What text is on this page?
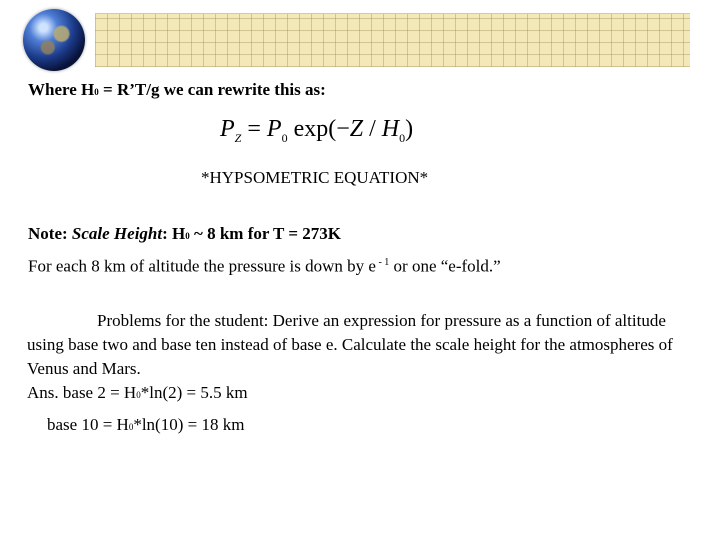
Where H0 = R’T/g we can rewrite this as:

$P_Z = P_0$ $\exp(-Z / H_0)$

*HYPSOMETRIC EQUATION*

Note: Scale Height: H0 ~ 8 km for T = 273K

For each 8 km of altitude the pressure is down by e $^{- 1}$ or one “e-fold.”

Problems for the student: Derive an expression for pressure as a function of altitude using base two and base ten instead of base e. Calculate the scale height for the atmospheres of Venus and Mars.
Ans. base 2 = H0*ln(2) = 5.5 km
base 10 = H0*ln(10) = 18 km
